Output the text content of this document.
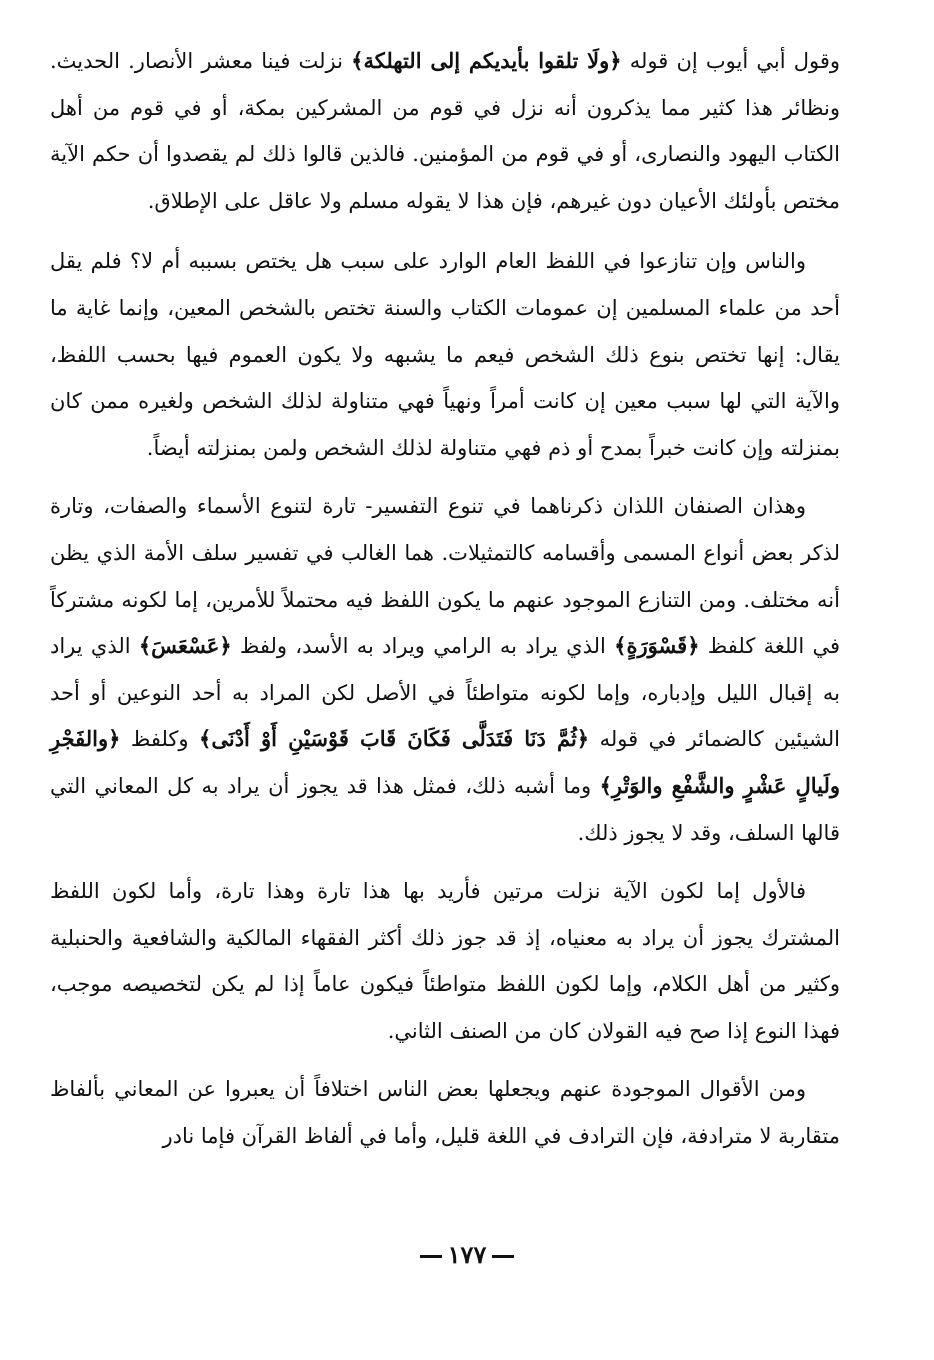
وقول أبي أيوب إن قوله ﴿ولَا تلقوا بأيديكم إلى التهلكة﴾ نزلت فينا معشر الأنصار. الحديث. ونظائر هذا كثير مما يذكرون أنه نزل في قوم من المشركين بمكة، أو في قوم من أهل الكتاب اليهود والنصارى، أو في قوم من المؤمنين. فالذين قالوا ذلك لم يقصدوا أن حكم الآية مختص بأولئك الأعيان دون غيرهم، فإن هذا لا يقوله مسلم ولا عاقل على الإطلاق.

والناس وإن تنازعوا في اللفظ العام الوارد على سبب هل يختص بسببه أم لا؟ فلم يقل أحد من علماء المسلمين إن عمومات الكتاب والسنة تختص بالشخص المعين، وإنما غاية ما يقال: إنها تختص بنوع ذلك الشخص فيعم ما يشبهه ولا يكون العموم فيها بحسب اللفظ، والآية التي لها سبب معين إن كانت أمراً ونهياً فهي متناولة لذلك الشخص ولغيره ممن كان بمنزلته وإن كانت خبراً بمدح أو ذم فهي متناولة لذلك الشخص ولمن بمنزلته أيضاً.

وهذان الصنفان اللذان ذكرناهما في تنوع التفسير- تارة لتنوع الأسماء والصفات، وتارة لذكر بعض أنواع المسمى وأقسامه كالتمثيلات. هما الغالب في تفسير سلف الأمة الذي يظن أنه مختلف. ومن التنازع الموجود عنهم ما يكون اللفظ فيه محتملاً للأمرين، إما لكونه مشتركاً في اللغة كلفظ ﴿قَسْوَرَةٍ﴾ الذي يراد به الرامي ويراد به الأسد، ولفظ ﴿عَسْعَسَ﴾ الذي يراد به إقبال الليل وإدباره، وإما لكونه متواطئاً في الأصل لكن المراد به أحد النوعين أو أحد الشيئين كالضمائر في قوله ﴿ثُمَّ دَنَا فَتَدَلَّى فَكَانَ قَابَ قَوْسَيْنِ أَوْ أَدْنَى﴾ وكلفظ ﴿والفَجْرِ ولَيالٍ عَشْرٍ والشَّفْعِ والوَتْرِ﴾ وما أشبه ذلك، فمثل هذا قد يجوز أن يراد به كل المعاني التي قالها السلف، وقد لا يجوز ذلك.

فالأول إما لكون الآية نزلت مرتين فأريد بها هذا تارة وهذا تارة، وأما لكون اللفظ المشترك يجوز أن يراد به معنياه، إذ قد جوز ذلك أكثر الفقهاء المالكية والشافعية والحنبلية وكثير من أهل الكلام، وإما لكون اللفظ متواطئاً فيكون عاماً إذا لم يكن لتخصيصه موجب، فهذا النوع إذا صح فيه القولان كان من الصنف الثاني.

ومن الأقوال الموجودة عنهم ويجعلها بعض الناس اختلافاً أن يعبروا عن المعاني بألفاظ متقاربة لا مترادفة، فإن الترادف في اللغة قليل، وأما في ألفاظ القرآن فإما نادر

١٧٧
